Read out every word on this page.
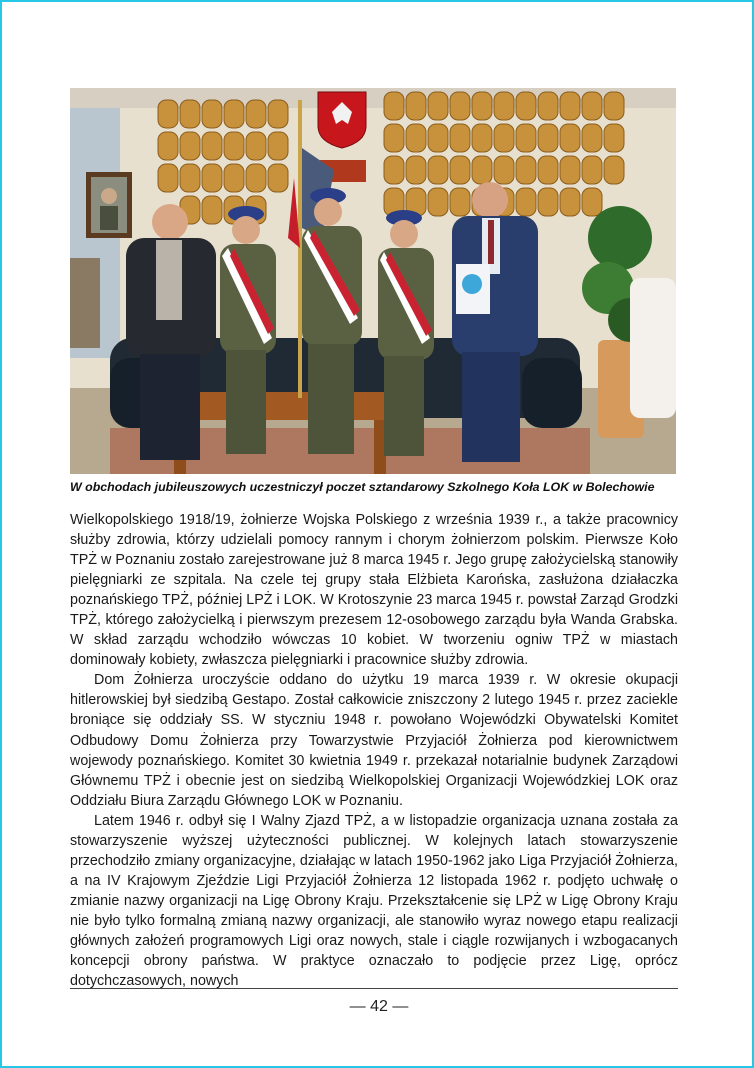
W obchodach jubileuszowych uczestniczył poczet sztandarowy Szkolnego Koła LOK w Bolechowie

Wielkopolskiego 1918/19, żołnierze Wojska Polskiego z września 1939 r., a także pracownicy służby zdrowia, którzy udzielali pomocy rannym i chorym żołnierzom polskim. Pierwsze Koło TPŻ w Poznaniu zostało zarejestrowane już 8 marca 1945 r. Jego grupę założycielską stanowiły pielęgniarki ze szpitala. Na czele tej grupy stała Elżbieta Karońska, zasłużona działaczka poznańskiego TPŻ, później LPŻ i LOK. W Krotoszynie 23 marca 1945 r. powstał Zarząd Grodzki TPŻ, którego założycielką i pierwszym prezesem 12-osobowego zarządu była Wanda Grabska. W skład zarządu wchodziło wówczas 10 kobiet. W tworzeniu ogniw TPŻ w miastach dominowały kobiety, zwłaszcza pielęgniarki i pracownice służby zdrowia.

Dom Żołnierza uroczyście oddano do użytku 19 marca 1939 r. W okresie okupacji hitlerowskiej był siedzibą Gestapo. Został całkowicie zniszczony 2 lutego 1945 r. przez zaciekle broniące się oddziały SS. W styczniu 1948 r. powołano Wojewódzki Obywatelski Komitet Odbudowy Domu Żołnierza przy Towarzystwie Przyjaciół Żołnierza pod kierownictwem wojewody poznańskiego. Komitet 30 kwietnia 1949 r. przekazał notarialnie budynek Zarządowi Głównemu TPŻ i obecnie jest on siedzibą Wielkopolskiej Organizacji Wojewódzkiej LOK oraz Oddziału Biura Zarządu Głównego LOK w Poznaniu.

Latem 1946 r. odbył się I Walny Zjazd TPŻ, a w listopadzie organizacja uznana została za stowarzyszenie wyższej użyteczności publicznej. W kolejnych latach stowarzyszenie przechodziło zmiany organizacyjne, działając w latach 1950-1962 jako Liga Przyjaciół Żołnierza, a na IV Krajowym Zjeździe Ligi Przyjaciół Żołnierza 12 listopada 1962 r. podjęto uchwałę o zmianie nazwy organizacji na Ligę Obrony Kraju. Przekształcenie się LPŻ w Ligę Obrony Kraju nie było tylko formalną zmianą nazwy organizacji, ale stanowiło wyraz nowego etapu realizacji głównych założeń programowych Ligi oraz nowych, stale i ciągle rozwijanych i wzbogacanych koncepcji obrony państwa. W praktyce oznaczało to podjęcie przez Ligę, oprócz dotychczasowych, nowych

— 42 —
